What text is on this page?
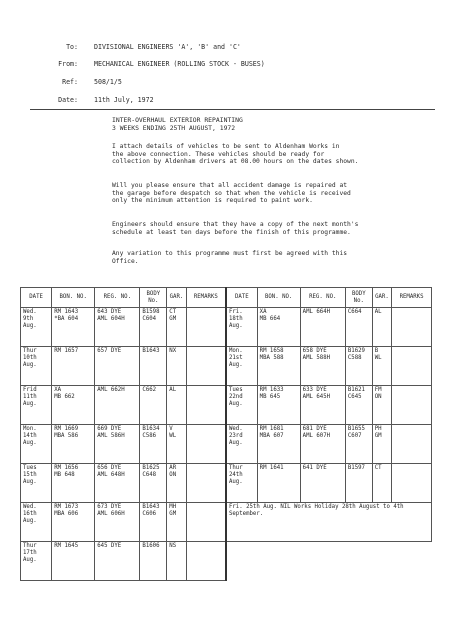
To: DIVISIONAL ENGINEERS 'A', 'B' and 'C'
From: MECHANICAL ENGINEER (ROLLING STOCK - BUSES)
Ref: 508/1/5
Date: 11th July, 1972
INTER-OVERHAUL EXTERIOR REPAINTING
3 WEEKS ENDING 25TH AUGUST, 1972
I attach details of vehicles to be sent to Aldenham Works in
the above connection. These vehicles should be ready for
collection by Aldenham drivers at 08.00 hours on the dates shown.
Will you please ensure that all accident damage is repaired at
the garage before despatch so that when the vehicle is received
only the minimum attention is required to paint work.
Engineers should ensure that they have a copy of the next month's
schedule at least ten days before the finish of this programme.
Any variation to this programme must first be agreed with this
Office.
DATE	BON. NO.	REG. NO.	BODY No.	GAR.	REMARKS	DATE	BON. NO.	REG. NO.	BODY No.	GAR.	REMARKS

Wed.
9th
Aug.	RM 1643
*BA 604	643 DYE
AML 604H	B1598
C604	CT
GM		Fri.
18th
Aug.	XA
MB 664	AML 664H	C664	AL	

Thur
10th
Aug.	RM 1657	657 DYE	B1643	NX		Mon.
21st
Aug.	RM 1658
MBA 588	658 DYE
AML 588H	B1629
C588	B
WL	

Frid
11th
Aug.	XA
MB 662	AML 662H	C662	AL		Tues
22nd
Aug.	RM 1633
MB 645	633 DYE
AML 645H	B1621
C645	FM
ON	

Mon.
14th
Aug.	RM 1669
MBA 586	669 DYE
AML 586H	B1634
C586	V
WL		Wed.
23rd
Aug.	RM 1681
MBA 607	681 DYE
AML 607H	B1655
C607	PH
GM	

Tues
15th
Aug.	RM 1656
MB 648	656 DYE
AML 648H	B1625
C648	AR
ON		Thur
24th
Aug.	RM 1641	641 DYE	B1597	CT	

Wed.
16th
Aug.	RM 1673
MBA 606	673 DYE
AML 606H	B1643
C606	MH
GM		Fri. 25th Aug. NIL Works Holiday 28th August to 4th September.					

Thur
17th
Aug.	RM 1645	645 DYE	B1606	NS							
